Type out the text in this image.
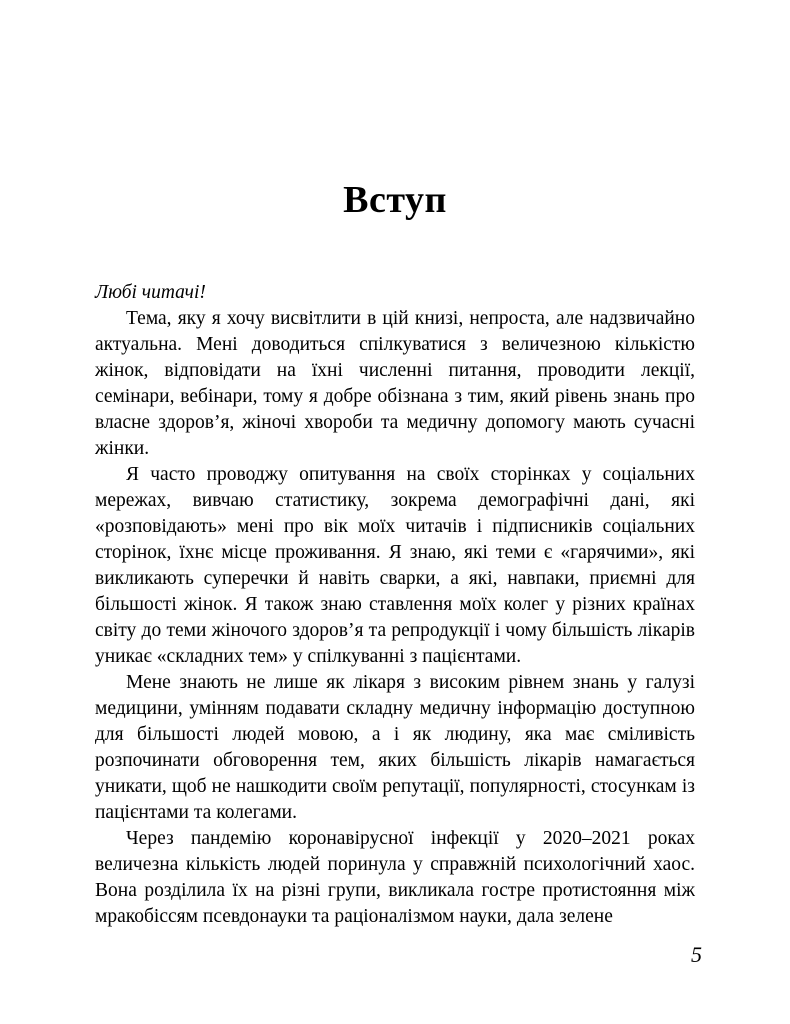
Вступ

Любі читачі!

Тема, яку я хочу висвітлити в цій книзі, непроста, але надзвичайно актуальна. Мені доводиться спілкуватися з величезною кількістю жінок, відповідати на їхні численні питання, проводити лекції, семінари, вебінари, тому я добре обізнана з тим, який рівень знань про власне здоров’я, жіночі хвороби та медичну допомогу мають сучасні жінки.

Я часто проводжу опитування на своїх сторінках у соціальних мережах, вивчаю статистику, зокрема демографічні дані, які «розповідають» мені про вік моїх читачів і підписників соціальних сторінок, їхнє місце проживання. Я знаю, які теми є «гарячими», які викликають суперечки й навіть сварки, а які, навпаки, приємні для більшості жінок. Я також знаю ставлення моїх колег у різних країнах світу до теми жіночого здоров’я та репродукції і чому більшість лікарів уникає «складних тем» у спілкуванні з пацієнтами.

Мене знають не лише як лікаря з високим рівнем знань у галузі медицини, умінням подавати складну медичну інформацію доступною для більшості людей мовою, а і як людину, яка має сміливість розпочинати обговорення тем, яких більшість лікарів намагається уникати, щоб не нашкодити своїм репутації, популярності, стосункам із пацієнтами та колегами.

Через пандемію коронавірусної інфекції у 2020–2021 роках величезна кількість людей поринула у справжній психологічний хаос. Вона розділила їх на різні групи, викликала гостре протистояння між мракобіссям псевдонауки та раціоналізмом науки, дала зелене

5
